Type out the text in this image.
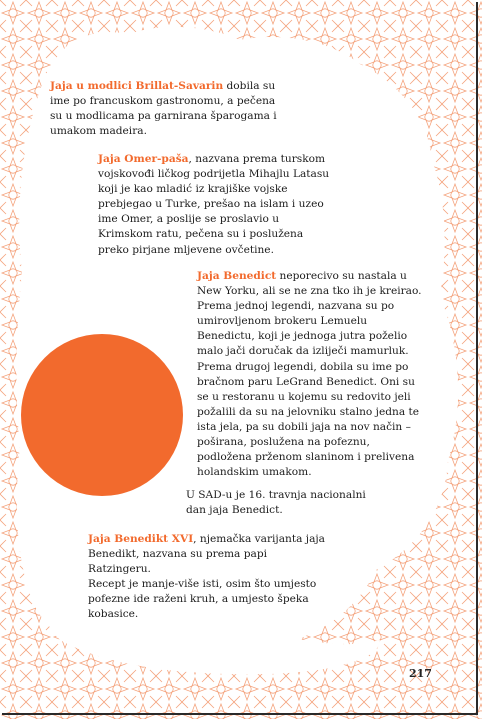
Jaja u modlici Brillat-Savarin dobila su ime po francuskom gastronomu, a pečena su u modlicama pa garnirana šparogama i umakom madeira.

Jaja Omer-paša, nazvana prema turskom vojskovođi ličkog podrijetla Mihajlu Latasu koji je kao mladić iz krajiške vojske prebjegao u Turke, prešao na islam i uzeo ime Omer, a poslije se proslavio u Krimskom ratu, pečena su i poslužena preko pirjane mljevene ovčetine.

Jaja Benedict neporecivo su nastala u New Yorku, ali se ne zna tko ih je kreirao. Prema jednoj legendi, nazvana su po umirovljenom brokeru Lemuelu Benedictu, koji je jednoga jutra poželio malo jači doručak da izliječi mamurluk. Prema drugoj legendi, dobila su ime po bračnom paru LeGrand Benedict. Oni su se u restoranu u kojemu su redovito jeli požalili da su na jelovniku stalno jedna te ista jela, pa su dobili jaja na nov način – poširana, poslužena na pofeznu, podložena prženom slaninom i prelivena holandskim umakom.

U SAD-u je 16. travnja nacionalni dan jaja Benedict.

Jaja Benedikt XVI, njemačka varijanta jaja Benedikt, nazvana su prema papi Ratzingeru.
Recept je manje-više isti, osim što umjesto pofezne ide raženi kruh, a umjesto špeka kobasice.

217
